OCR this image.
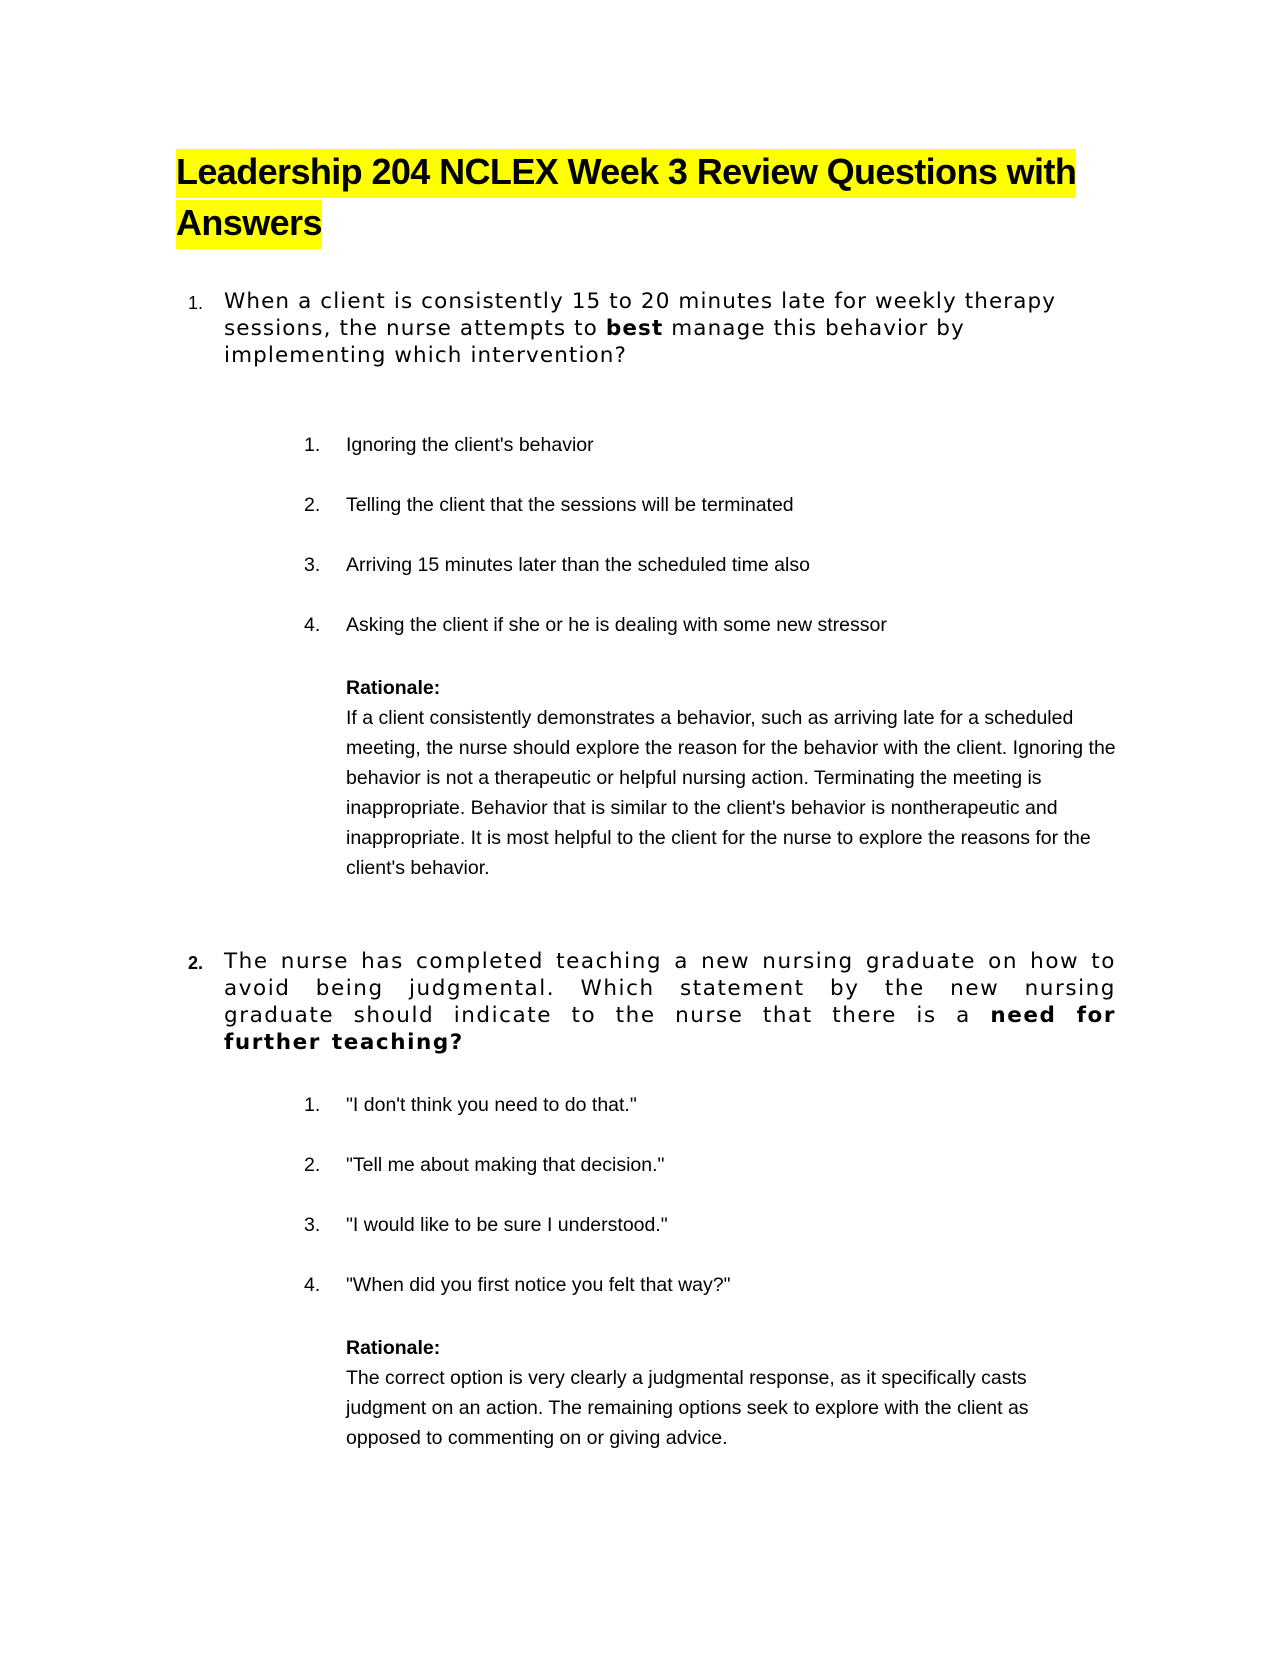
Leadership 204 NCLEX Week 3 Review Questions with Answers
1. When a client is consistently 15 to 20 minutes late for weekly therapy sessions, the nurse attempts to best manage this behavior by implementing which intervention?

1.	Ignoring the client's behavior
2.	Telling the client that the sessions will be terminated
3.	Arriving 15 minutes later than the scheduled time also
4.	Asking the client if she or he is dealing with some new stressor
Rationale:

If a client consistently demonstrates a behavior, such as arriving late for a scheduled meeting, the nurse should explore the reason for the behavior with the client. Ignoring the behavior is not a therapeutic or helpful nursing action. Terminating the meeting is inappropriate. Behavior that is similar to the client's behavior is nontherapeutic and inappropriate. It is most helpful to the client for the nurse to explore the reasons for the client's behavior.

2. The nurse has completed teaching a new nursing graduate on how to avoid being judgmental. Which statement by the new nursing graduate should indicate to the nurse that there is a need for further teaching?

1.	"I don't think you need to do that."
2.	"Tell me about making that decision."
3.	"I would like to be sure I understood."
4.	"When did you first notice you felt that way?"
Rationale:

The correct option is very clearly a judgmental response, as it specifically casts judgment on an action. The remaining options seek to explore with the client as opposed to commenting on or giving advice.
